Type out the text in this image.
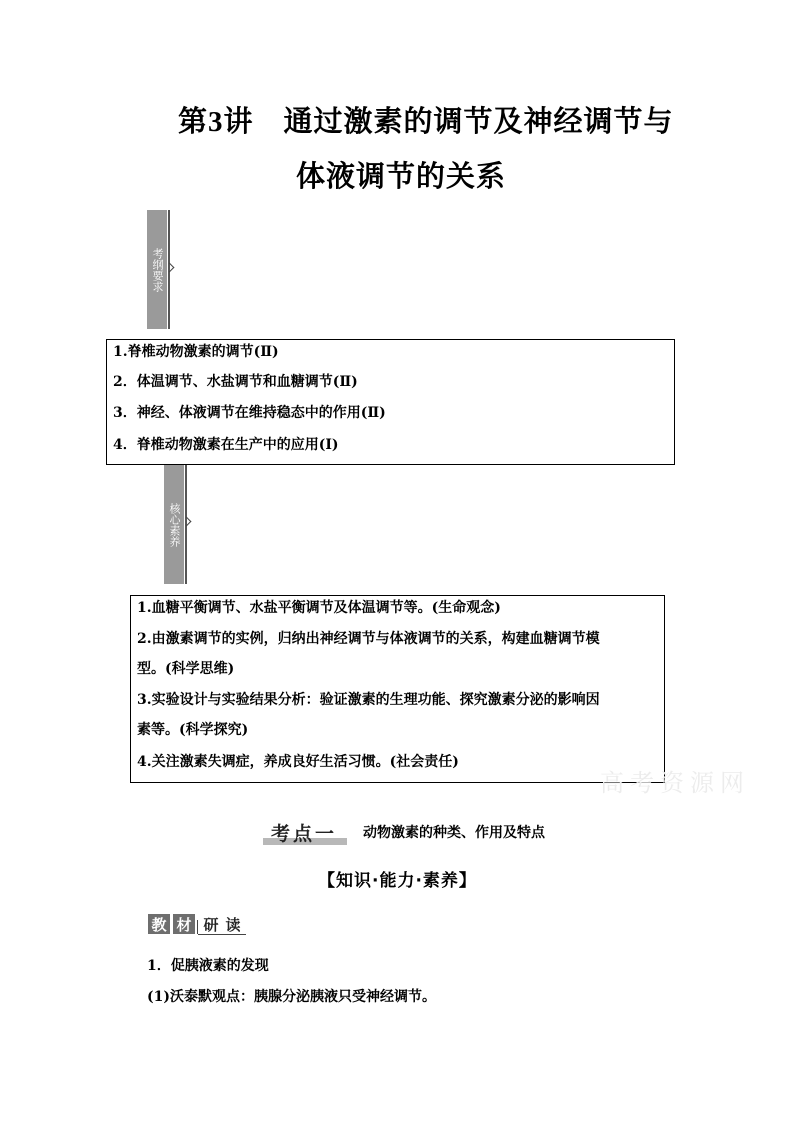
第3讲　通过激素的调节及神经调节与
体液调节的关系
考纲要求
1.脊椎动物激素的调节(Ⅱ)
2．体温调节、水盐调节和血糖调节(Ⅱ)
3．神经、体液调节在维持稳态中的作用(Ⅱ)
4．脊椎动物激素在生产中的应用(Ⅰ)
核心素养
1.血糖平衡调节、水盐平衡调节及体温调节等。(生命观念)
2.由激素调节的实例，归纳出神经调节与体液调节的关系，构建血糖调节模
型。(科学思维)
3.实验设计与实验结果分析：验证激素的生理功能、探究激素分泌的影响因
素等。(科学探究)
4.关注激素失调症，养成良好生活习惯。(社会责任)
高考资源网
考点一 动物激素的种类、作用及特点
【知识·能力·素养】
教 材 研 读
1．促胰液素的发现
(1)沃泰默观点：胰腺分泌胰液只受神经调节。
